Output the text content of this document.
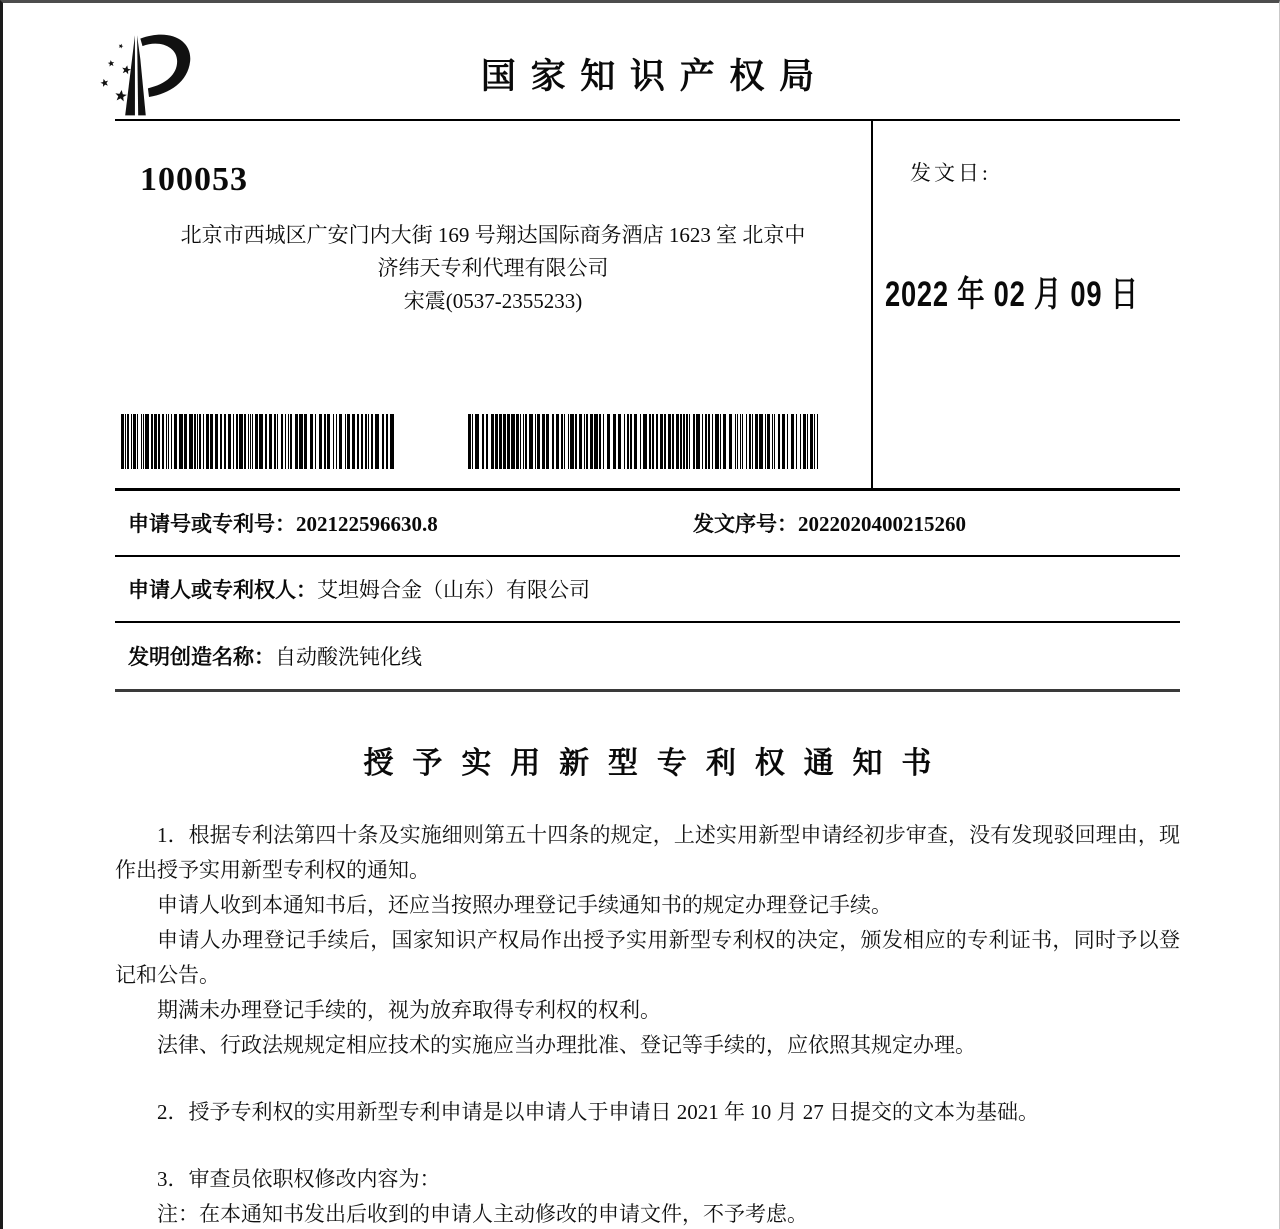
国家知识产权局
100053
北京市西城区广安门内大街 169 号翔达国际商务酒店 1623 室 北京中
济纬天专利代理有限公司
宋震(0537-2355233)
发文日:
2022 年 02 月 09 日
申请号或专利号：202122596630.8	发文序号：2022020400215260
申请人或专利权人：艾坦姆合金（山东）有限公司
发明创造名称：自动酸洗钝化线
授予实用新型专利权通知书

1．根据专利法第四十条及实施细则第五十四条的规定，上述实用新型申请经初步审查，没有发现驳回理由，现作出授予实用新型专利权的通知。

申请人收到本通知书后，还应当按照办理登记手续通知书的规定办理登记手续。

申请人办理登记手续后，国家知识产权局作出授予实用新型专利权的决定，颁发相应的专利证书，同时予以登记和公告。

期满未办理登记手续的，视为放弃取得专利权的权利。

法律、行政法规规定相应技术的实施应当办理批准、登记等手续的，应依照其规定办理。

2．授予专利权的实用新型专利申请是以申请人于申请日 2021 年 10 月 27 日提交的文本为基础。

3．审查员依职权修改内容为：

注：在本通知书发出后收到的申请人主动修改的申请文件，不予考虑。
